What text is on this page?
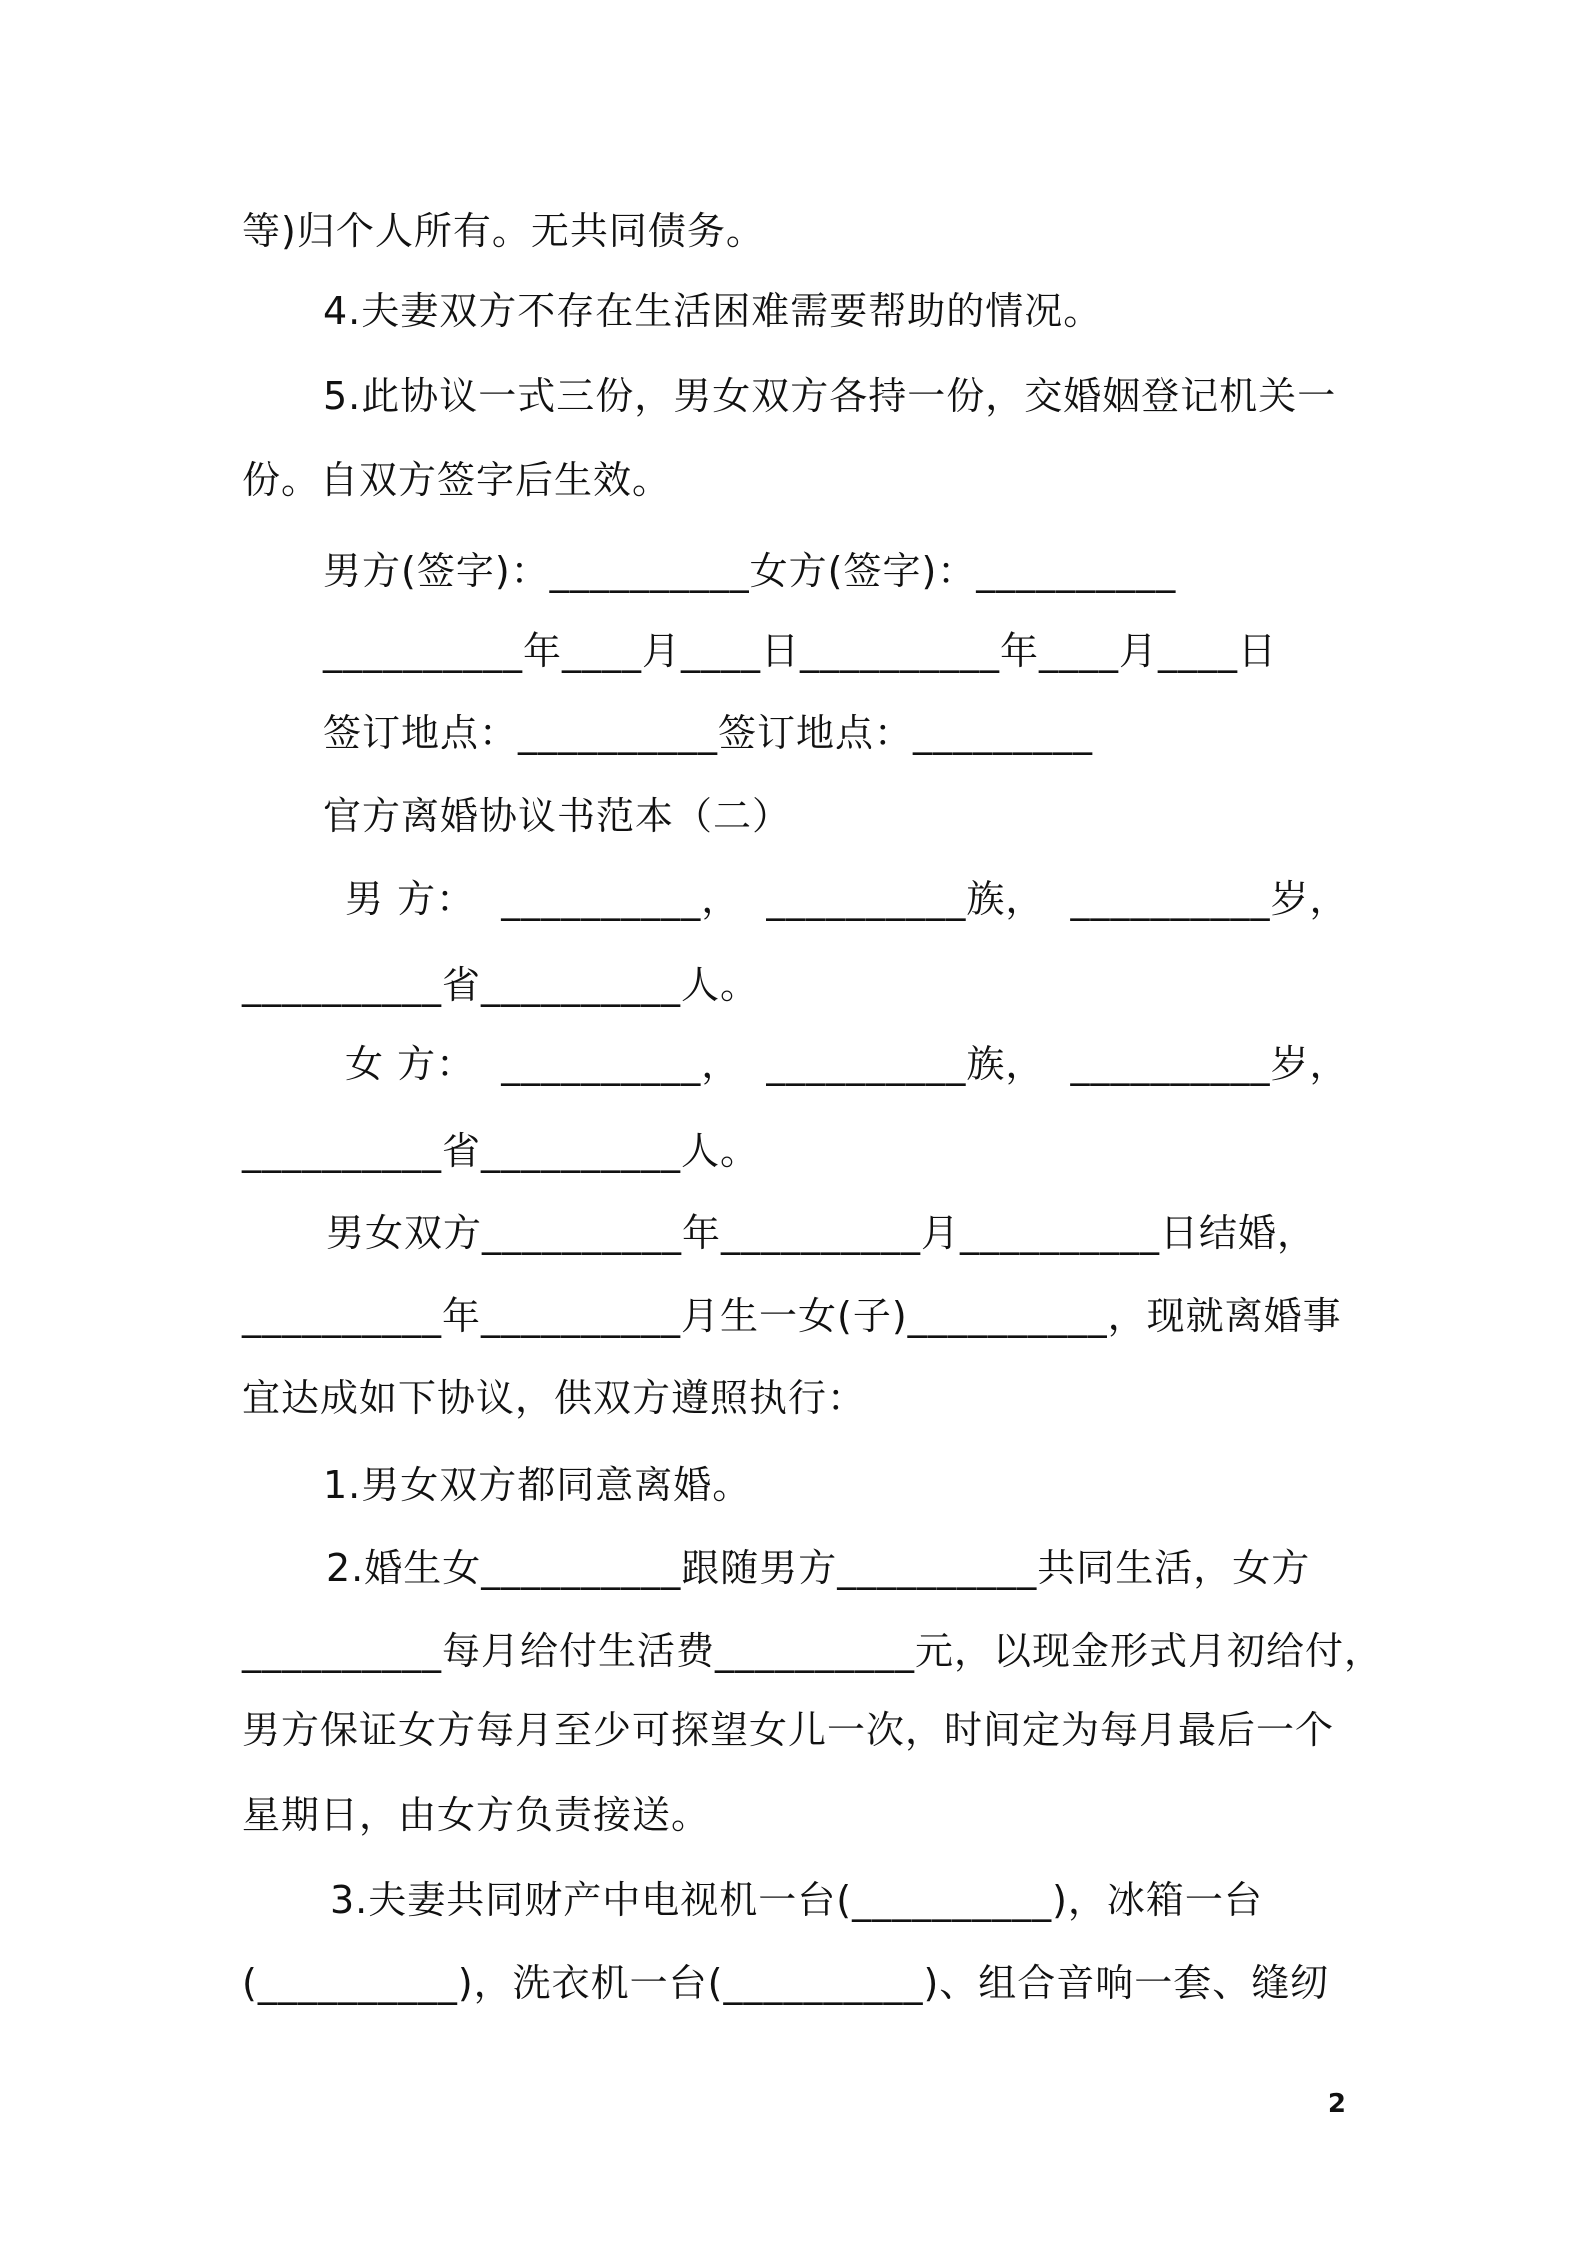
等)归个人所有。无共同债务。
4.夫妻双方不存在生活困难需要帮助的情况。
5.此协议一式三份，男女双方各持一份，交婚姻登记机关一
份。自双方签字后生效。
男方(签字)：__________女方(签字)：__________
__________年____月____日__________年____月____日
签订地点：__________签订地点：_________
官方离婚协议书范本（二）
男 方：  __________，  __________族，  __________岁，
__________省__________人。
女 方：  __________，  __________族，  __________岁，
__________省__________人。
男女双方__________年__________月__________日结婚，
__________年__________月生一女(子)__________，现就离婚事
宜达成如下协议，供双方遵照执行：
1.男女双方都同意离婚。
2.婚生女__________跟随男方__________共同生活，女方
__________每月给付生活费__________元，以现金形式月初给付，
男方保证女方每月至少可探望女儿一次，时间定为每月最后一个
星期日，由女方负责接送。
3.夫妻共同财产中电视机一台(__________)，冰箱一台
(__________)，洗衣机一台(__________)、组合音响一套、缝纫
2
